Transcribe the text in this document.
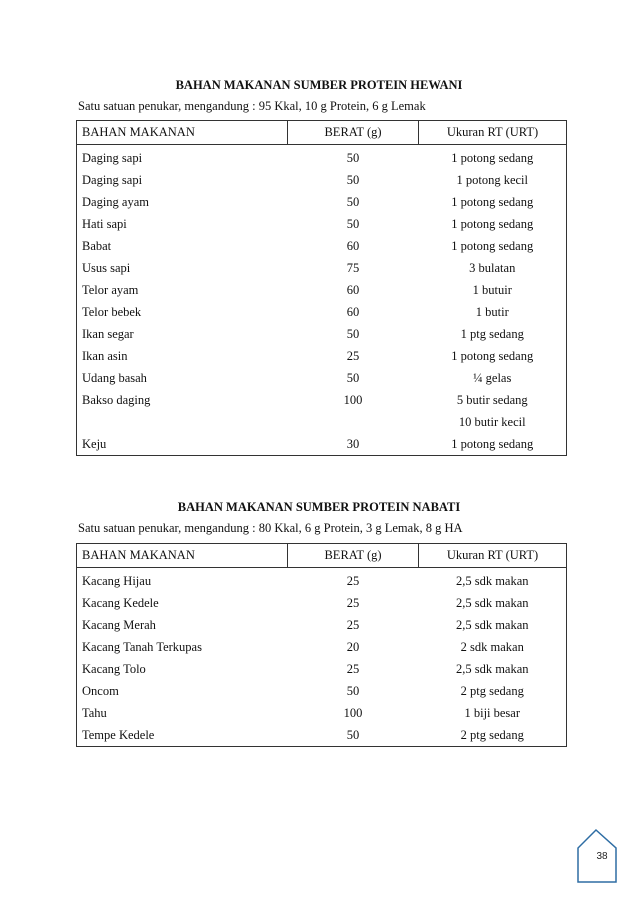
BAHAN MAKANAN SUMBER PROTEIN HEWANI
Satu satuan penukar, mengandung : 95 Kkal, 10 g Protein, 6 g Lemak
BAHAN MAKANAN	BERAT (g)	Ukuran RT (URT)
Daging sapi	50	1 potong sedang
Daging sapi	50	1 potong kecil
Daging ayam	50	1 potong sedang
Hati sapi	50	1 potong sedang
Babat	60	1 potong sedang
Usus sapi	75	3 bulatan
Telor ayam	60	1 butuir
Telor bebek	60	1 butir
Ikan segar	50	1 ptg sedang
Ikan asin	25	1 potong sedang
Udang basah	50	¼ gelas
Bakso daging	100	5 butir sedang
		10 butir kecil
Keju	30	1 potong sedang
BAHAN MAKANAN SUMBER PROTEIN NABATI
Satu satuan penukar, mengandung : 80 Kkal, 6 g Protein, 3 g Lemak, 8 g HA
BAHAN MAKANAN	BERAT (g)	Ukuran RT (URT)
Kacang Hijau	25	2,5 sdk makan
Kacang Kedele	25	2,5 sdk makan
Kacang Merah	25	2,5 sdk makan
Kacang Tanah Terkupas	20	2 sdk makan
Kacang Tolo	25	2,5 sdk makan
Oncom	50	2 ptg sedang
Tahu	100	1 biji besar
Tempe Kedele	50	2 ptg sedang
38
